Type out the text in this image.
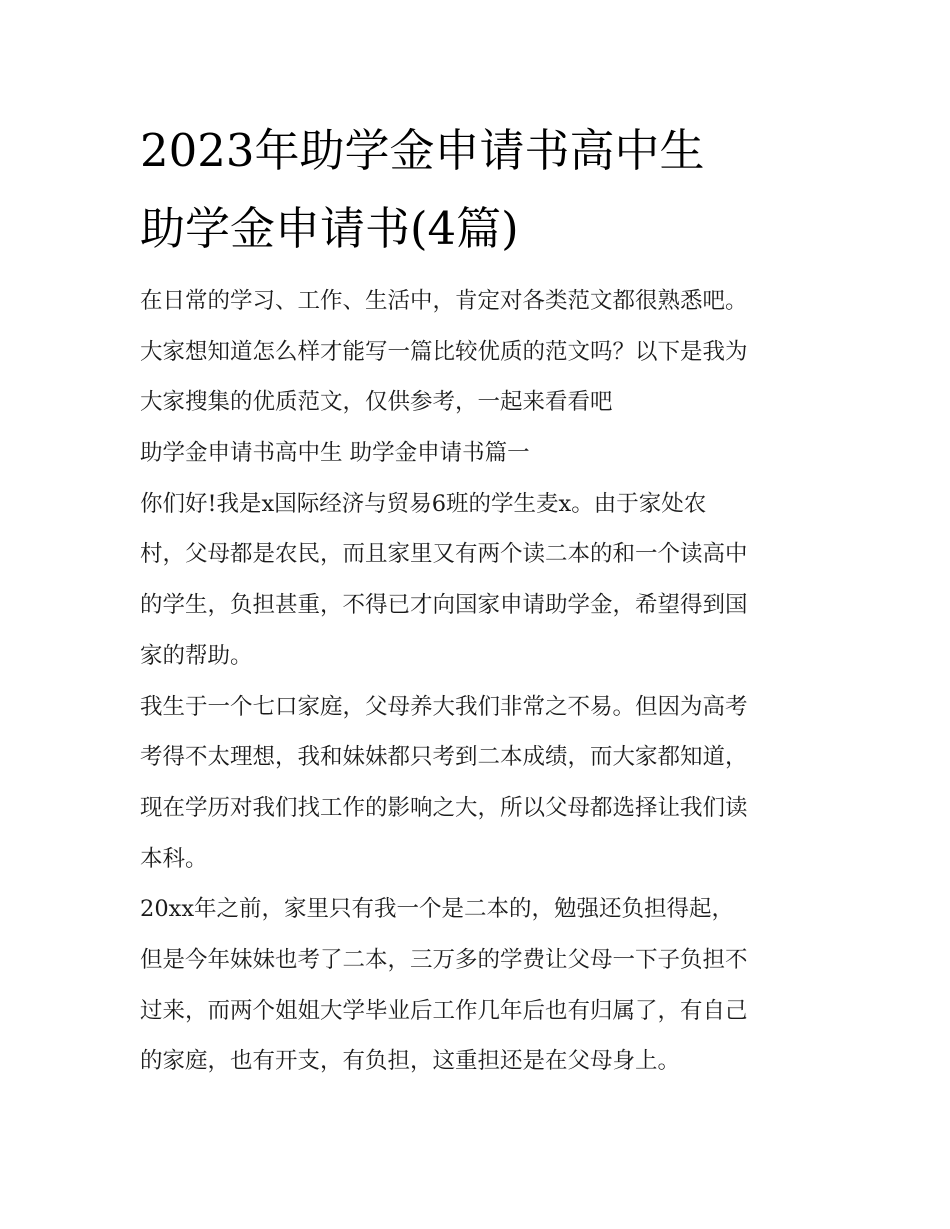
2023年助学金申请书高中生
助学金申请书(4篇)
在日常的学习、工作、生活中，肯定对各类范文都很熟悉吧。
大家想知道怎么样才能写一篇比较优质的范文吗？以下是我为
大家搜集的优质范文，仅供参考，一起来看看吧
助学金申请书高中生 助学金申请书篇一
你们好!我是x国际经济与贸易6班的学生麦x。由于家处农
村，父母都是农民，而且家里又有两个读二本的和一个读高中
的学生，负担甚重，不得已才向国家申请助学金，希望得到国
家的帮助。
我生于一个七口家庭，父母养大我们非常之不易。但因为高考
考得不太理想，我和妹妹都只考到二本成绩，而大家都知道，
现在学历对我们找工作的影响之大，所以父母都选择让我们读
本科。
20xx年之前，家里只有我一个是二本的，勉强还负担得起，
但是今年妹妹也考了二本，三万多的学费让父母一下子负担不
过来，而两个姐姐大学毕业后工作几年后也有归属了，有自己
的家庭，也有开支，有负担，这重担还是在父母身上。
